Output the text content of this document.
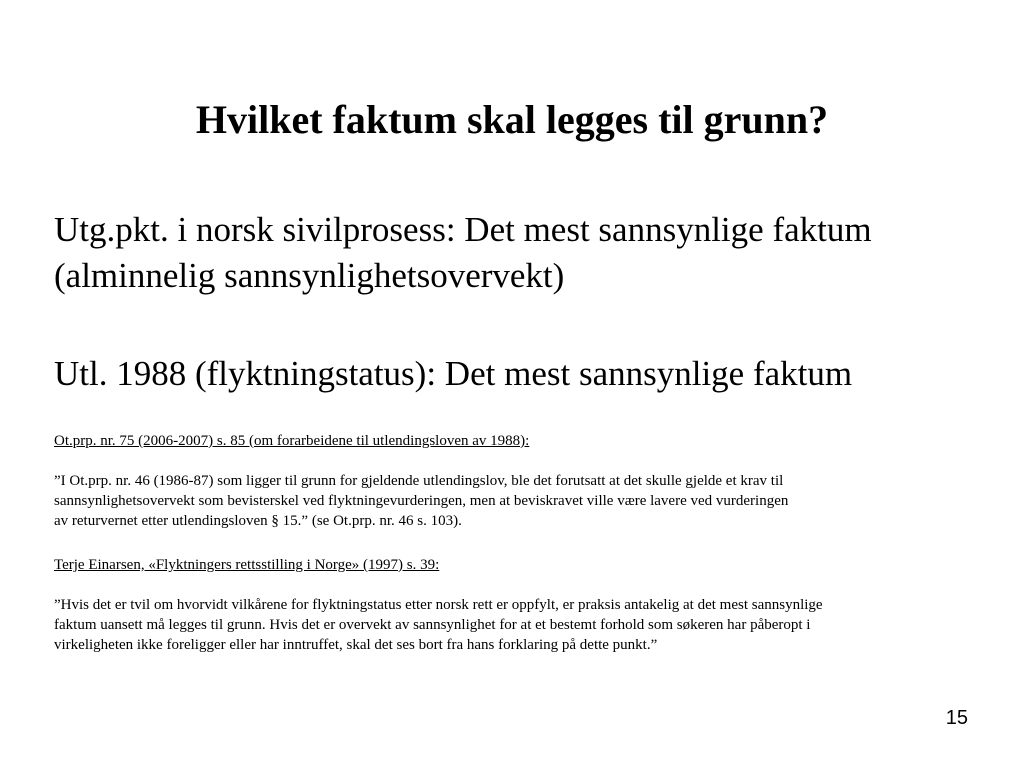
Hvilket faktum skal legges til grunn?

Utg.pkt. i norsk sivilprosess: Det mest sannsynlige faktum
(alminnelig sannsynlighetsovervekt)

Utl. 1988 (flyktningstatus): Det mest sannsynlige faktum

Ot.prp. nr. 75 (2006-2007) s. 85 (om forarbeidene til utlendingsloven av 1988):

”I Ot.prp. nr. 46 (1986-87) som ligger til grunn for gjeldende utlendingslov, ble det forutsatt at det skulle gjelde et krav til
sannsynlighetsovervekt som bevisterskel ved flyktningevurderingen, men at beviskravet ville være lavere ved vurderingen
av returvernet etter utlendingsloven § 15.” (se Ot.prp. nr. 46 s. 103).

Terje Einarsen, «Flyktningers rettsstilling i Norge» (1997) s. 39:

”Hvis det er tvil om hvorvidt vilkårene for flyktningstatus etter norsk rett er oppfylt, er praksis antakelig at det mest sannsynlige
faktum uansett må legges til grunn. Hvis det er overvekt av sannsynlighet for at et bestemt forhold som søkeren har påberopt i
virkeligheten ikke foreligger eller har inntruffet, skal det ses bort fra hans forklaring på dette punkt.”

15
